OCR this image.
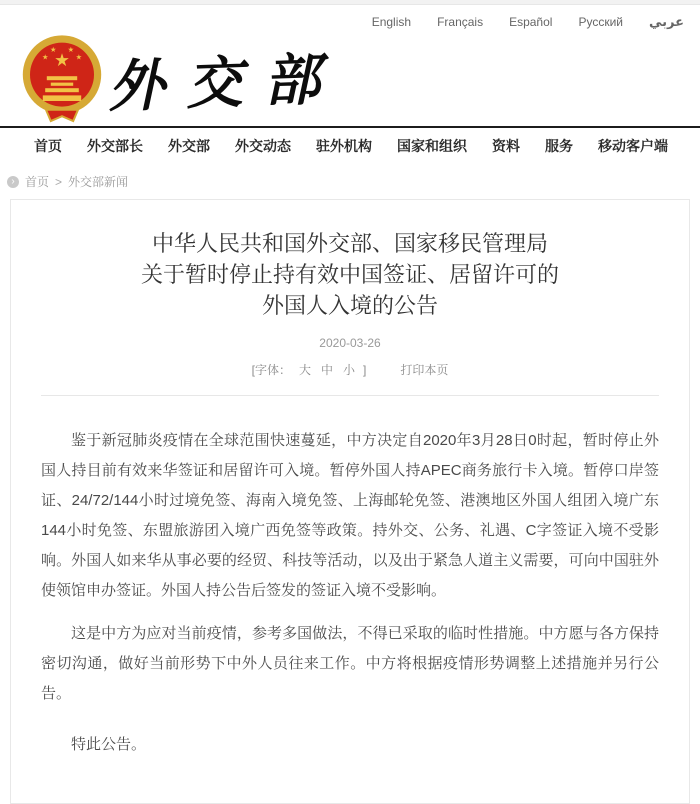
English Français Español Русский عربي
★
★
★ ★
★ 外交部
首页 外交部长 外交部 外交动态 驻外机构 国家和组织 资料 服务 移动客户端
› 首页 > 外交部新闻
中华人民共和国外交部、国家移民管理局
关于暂时停止持有效中国签证、居留许可的
外国人入境的公告
2020-03-26
[字体： 大 中 小 ]	打印本页

鉴于新冠肺炎疫情在全球范围快速蔓延，中方决定自2020年3月28日0时起，暂时停止外国人持目前有效来华签证和居留许可入境。暂停外国人持APEC商务旅行卡入境。暂停口岸签证、24/72/144小时过境免签、海南入境免签、上海邮轮免签、港澳地区外国人组团入境广东144小时免签、东盟旅游团入境广西免签等政策。持外交、公务、礼遇、C字签证入境不受影响。外国人如来华从事必要的经贸、科技等活动，以及出于紧急人道主义需要，可向中国驻外使领馆申办签证。外国人持公告后签发的签证入境不受影响。

这是中方为应对当前疫情，参考多国做法，不得已采取的临时性措施。中方愿与各方保持密切沟通，做好当前形势下中外人员往来工作。中方将根据疫情形势调整上述措施并另行公告。

特此公告。
